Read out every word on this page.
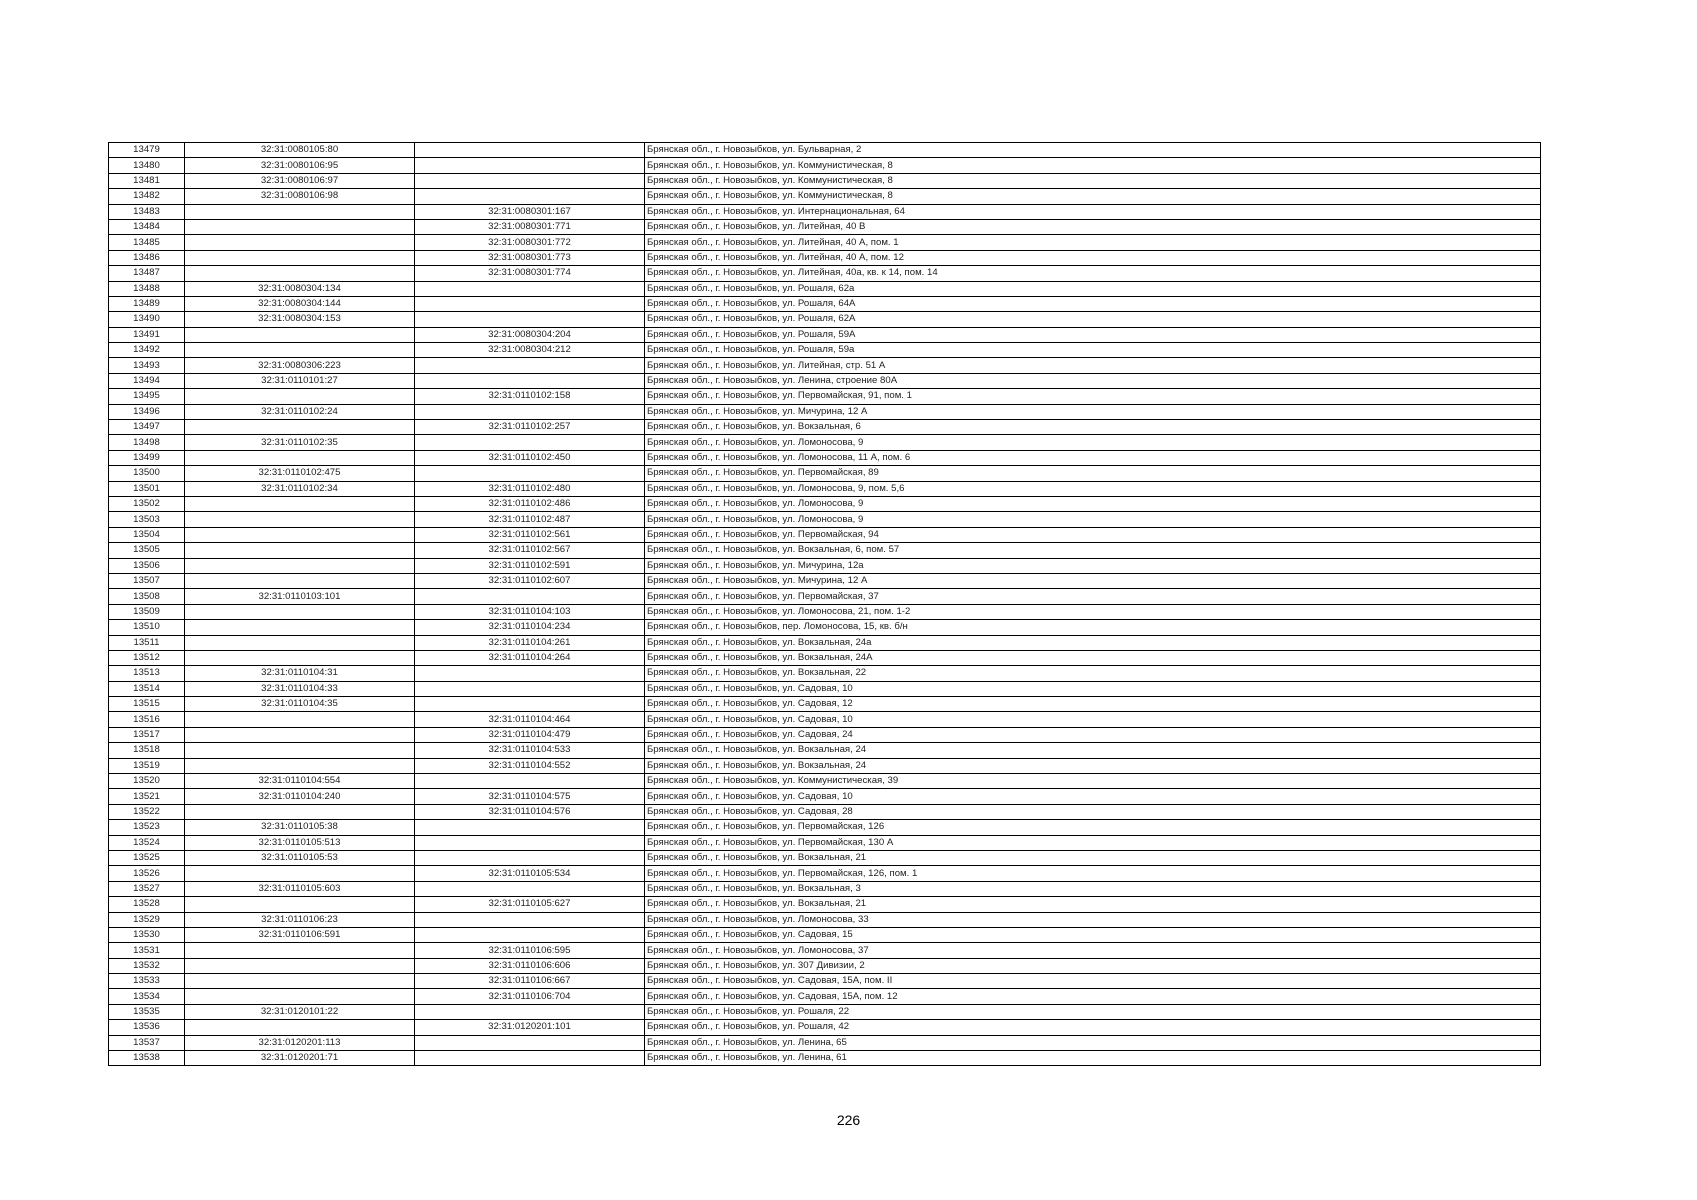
13479	32:31:0080105:80		Брянская обл., г. Новозыбков, ул. Бульварная, 2
13480	32:31:0080106:95		Брянская обл., г. Новозыбков, ул. Коммунистическая, 8
13481	32:31:0080106:97		Брянская обл., г. Новозыбков, ул. Коммунистическая, 8
13482	32:31:0080106:98		Брянская обл., г. Новозыбков, ул. Коммунистическая, 8
13483		32:31:0080301:167	Брянская обл., г. Новозыбков, ул. Интернациональная, 64
13484		32:31:0080301:771	Брянская обл., г. Новозыбков, ул. Литейная, 40 В
13485		32:31:0080301:772	Брянская обл., г. Новозыбков, ул. Литейная, 40 А, пом. 1
13486		32:31:0080301:773	Брянская обл., г. Новозыбков, ул. Литейная, 40 А, пом. 12
13487		32:31:0080301:774	Брянская обл., г. Новозыбков, ул. Литейная, 40а, кв. к 14, пом. 14
13488	32:31:0080304:134		Брянская обл., г. Новозыбков, ул. Рошаля, 62а
13489	32:31:0080304:144		Брянская обл., г. Новозыбков, ул. Рошаля, 64А
13490	32:31:0080304:153		Брянская обл., г. Новозыбков, ул. Рошаля, 62А
13491		32:31:0080304:204	Брянская обл., г. Новозыбков, ул. Рошаля, 59А
13492		32:31:0080304:212	Брянская обл., г. Новозыбков, ул. Рошаля, 59а
13493	32:31:0080306:223		Брянская обл., г. Новозыбков, ул. Литейная, стр. 51 А
13494	32:31:0110101:27		Брянская обл., г. Новозыбков, ул. Ленина, строение 80А
13495		32:31:0110102:158	Брянская обл., г. Новозыбков, ул. Первомайская, 91, пом. 1
13496	32:31:0110102:24		Брянская обл., г. Новозыбков, ул. Мичурина, 12 А
13497		32:31:0110102:257	Брянская обл., г. Новозыбков, ул. Вокзальная, 6
13498	32:31:0110102:35		Брянская обл., г. Новозыбков, ул. Ломоносова, 9
13499		32:31:0110102:450	Брянская обл., г. Новозыбков, ул. Ломоносова, 11 А, пом. 6
13500	32:31:0110102:475		Брянская обл., г. Новозыбков, ул. Первомайская, 89
13501	32:31:0110102:34	32:31:0110102:480	Брянская обл., г. Новозыбков, ул. Ломоносова, 9, пом. 5,6
13502		32:31:0110102:486	Брянская обл., г. Новозыбков, ул. Ломоносова, 9
13503		32:31:0110102:487	Брянская обл., г. Новозыбков, ул. Ломоносова, 9
13504		32:31:0110102:561	Брянская обл., г. Новозыбков, ул. Первомайская, 94
13505		32:31:0110102:567	Брянская обл., г. Новозыбков, ул. Вокзальная, 6, пом. 57
13506		32:31:0110102:591	Брянская обл., г. Новозыбков, ул. Мичурина, 12а
13507		32:31:0110102:607	Брянская обл., г. Новозыбков, ул. Мичурина, 12 А
13508	32:31:0110103:101		Брянская обл., г. Новозыбков, ул. Первомайская, 37
13509		32:31:0110104:103	Брянская обл., г. Новозыбков, ул. Ломоносова, 21, пом. 1-2
13510		32:31:0110104:234	Брянская обл., г. Новозыбков, пер. Ломоносова, 15, кв. б/н
13511		32:31:0110104:261	Брянская обл., г. Новозыбков, ул. Вокзальная, 24а
13512		32:31:0110104:264	Брянская обл., г. Новозыбков, ул. Вокзальная, 24А
13513	32:31:0110104:31		Брянская обл., г. Новозыбков, ул. Вокзальная, 22
13514	32:31:0110104:33		Брянская обл., г. Новозыбков, ул. Садовая, 10
13515	32:31:0110104:35		Брянская обл., г. Новозыбков, ул. Садовая, 12
13516		32:31:0110104:464	Брянская обл., г. Новозыбков, ул. Садовая, 10
13517		32:31:0110104:479	Брянская обл., г. Новозыбков, ул. Садовая, 24
13518		32:31:0110104:533	Брянская обл., г. Новозыбков, ул. Вокзальная, 24
13519		32:31:0110104:552	Брянская обл., г. Новозыбков, ул. Вокзальная, 24
13520	32:31:0110104:554		Брянская обл., г. Новозыбков, ул. Коммунистическая, 39
13521	32:31:0110104:240	32:31:0110104:575	Брянская обл., г. Новозыбков, ул. Садовая, 10
13522		32:31:0110104:576	Брянская обл., г. Новозыбков, ул. Садовая, 28
13523	32:31:0110105:38		Брянская обл., г. Новозыбков, ул. Первомайская, 126
13524	32:31:0110105:513		Брянская обл., г. Новозыбков, ул. Первомайская, 130 А
13525	32:31:0110105:53		Брянская обл., г. Новозыбков, ул. Вокзальная, 21
13526		32:31:0110105:534	Брянская обл., г. Новозыбков, ул. Первомайская, 126, пом. 1
13527	32:31:0110105:603		Брянская обл., г. Новозыбков, ул. Вокзальная, 3
13528		32:31:0110105:627	Брянская обл., г. Новозыбков, ул. Вокзальная, 21
13529	32:31:0110106:23		Брянская обл., г. Новозыбков, ул. Ломоносова, 33
13530	32:31:0110106:591		Брянская обл., г. Новозыбков, ул. Садовая, 15
13531		32:31:0110106:595	Брянская обл., г. Новозыбков, ул. Ломоносова, 37
13532		32:31:0110106:606	Брянская обл., г. Новозыбков, ул. 307 Дивизии, 2
13533		32:31:0110106:667	Брянская обл., г. Новозыбков, ул. Садовая, 15А, пом. II
13534		32:31:0110106:704	Брянская обл., г. Новозыбков, ул. Садовая, 15А, пом. 12
13535	32:31:0120101:22		Брянская обл., г. Новозыбков, ул. Рошаля, 22
13536		32:31:0120201:101	Брянская обл., г. Новозыбков, ул. Рошаля, 42
13537	32:31:0120201:113		Брянская обл., г. Новозыбков, ул. Ленина, 65
13538	32:31:0120201:71		Брянская обл., г. Новозыбков, ул. Ленина, 61
226
